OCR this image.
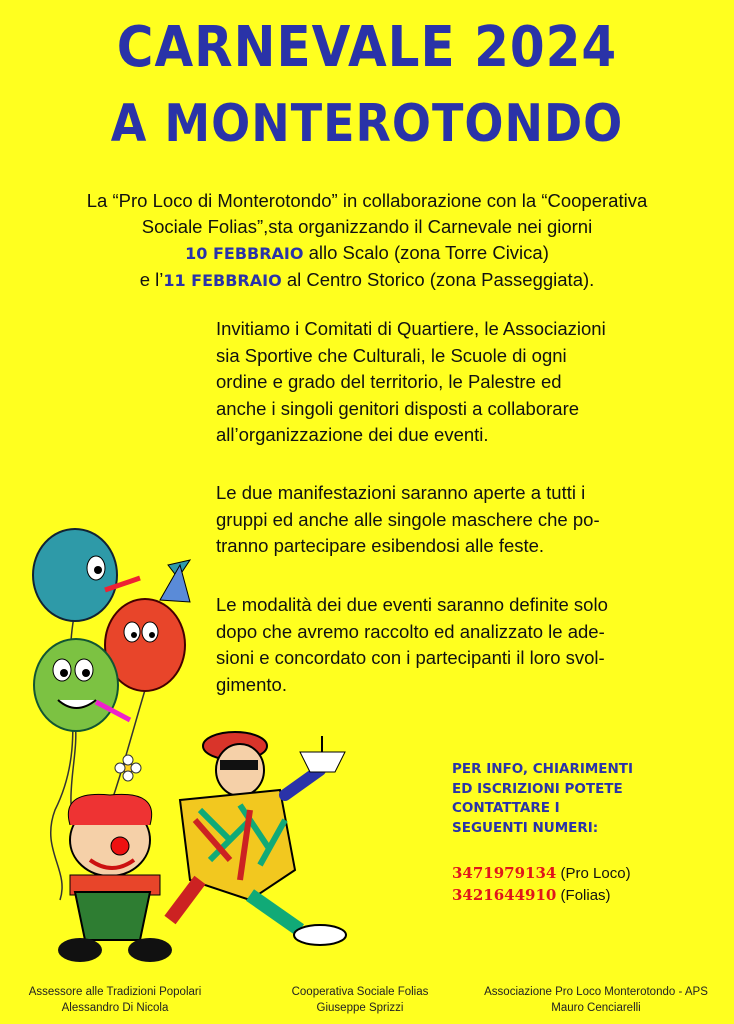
CARNEVALE 2024
A MONTEROTONDO
La “Pro Loco di Monterotondo” in collaborazione con la “Cooperativa
Sociale Folias”,sta organizzando il Carnevale nei giorni
10 FEBBRAIO allo Scalo (zona Torre Civica)
e l’11 FEBBRAIO al Centro Storico (zona Passeggiata).
Invitiamo i Comitati di Quartiere, le Associazioni
sia Sportive che Culturali, le Scuole di ogni
ordine e grado del territorio, le Palestre ed
anche i singoli genitori disposti a collaborare
all’organizzazione dei due eventi.
Le due manifestazioni saranno aperte a tutti i
gruppi ed anche alle singole maschere che po-
tranno partecipare esibendosi alle feste.
Le modalità dei due eventi saranno definite solo
dopo che avremo raccolto ed analizzato le ade-
sioni e concordato con i partecipanti il loro svol-
gimento.
PER INFO, CHIARIMENTI
ED ISCRIZIONI POTETE
CONTATTARE I
SEGUENTI NUMERI:
3471979134 (Pro Loco)
3421644910 (Folias)
Assessore alle Tradizioni Popolari
Alessandro Di Nicola
Cooperativa Sociale Folias
Giuseppe Sprizzi
Associazione Pro Loco Monterotondo - APS
Mauro Cenciarelli
